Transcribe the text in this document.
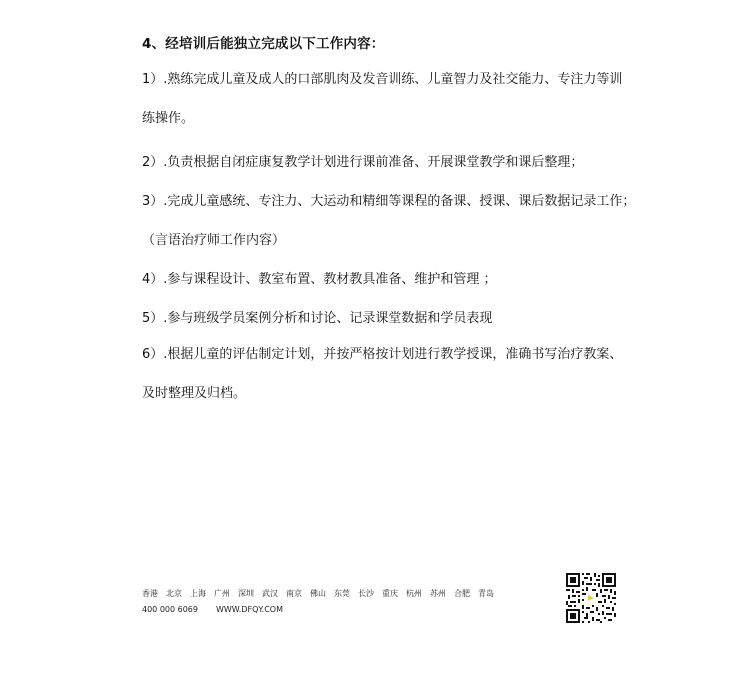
4、经培训后能独立完成以下工作内容：
1）.熟练完成儿童及成人的口部肌肉及发音训练、儿童智力及社交能力、专注力等训练操作。
2）.负责根据自闭症康复教学计划进行课前准备、开展课堂教学和课后整理；
3）.完成儿童感统、专注力、大运动和精细等课程的备课、授课、课后数据记录工作；
（言语治疗师工作内容）
4）.参与课程设计、教室布置、教材教具准备、维护和管理 ；
5）.参与班级学员案例分析和讨论、记录课堂数据和学员表现
6）.根据儿童的评估制定计划，并按严格按计划进行教学授课，准确书写治疗教案、及时整理及归档。
香港 北京 上海 广州 深圳 武汉 南京 佛山 东莞 长沙 重庆 杭州 苏州 合肥 青岛
400 000 6069 WWW.DFQY.COM
